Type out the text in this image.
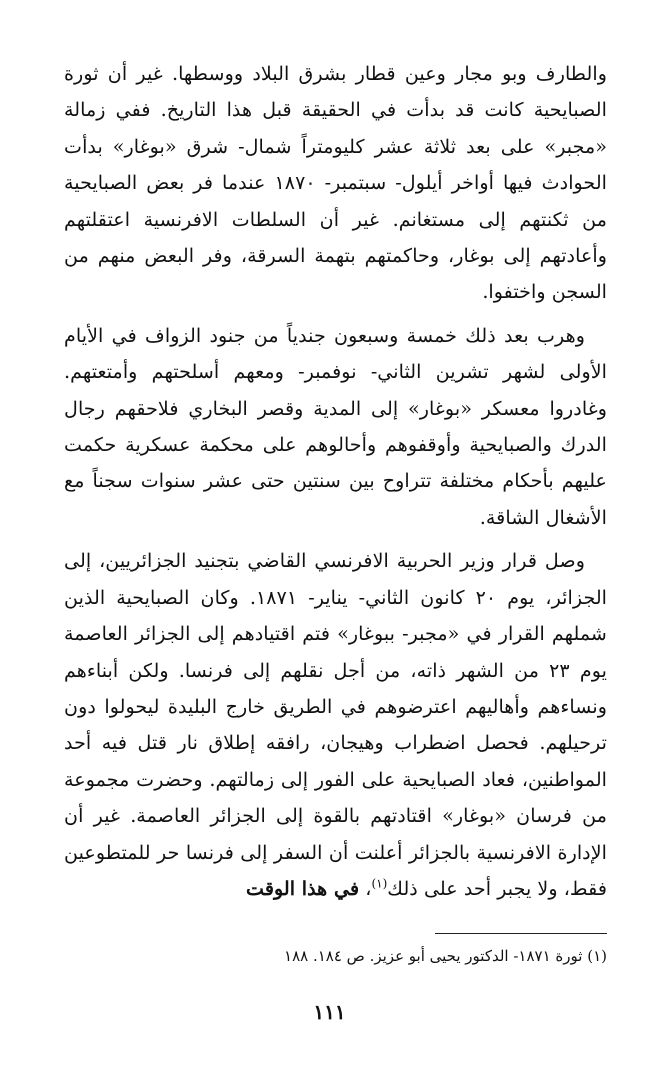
والطارف وبو مجار وعين قطار بشرق البلاد ووسطها. غير أن ثورة الصبايحية كانت قد بدأت في الحقيقة قبل هذا التاريخ. ففي زمالة «مجبر» على بعد ثلاثة عشر كليومتراً شمال- شرق «بوغار» بدأت الحوادث فيها أواخر أيلول- سبتمبر- ١٨٧٠ عندما فر بعض الصبايحية من ثكنتهم إلى مستغانم. غير أن السلطات الافرنسية اعتقلتهم وأعادتهم إلى بوغار، وحاكمتهم بتهمة السرقة، وفر البعض منهم من السجن واختفوا.

وهرب بعد ذلك خمسة وسبعون جندياً من جنود الزواف في الأيام الأولى لشهر تشرين الثاني- نوفمبر- ومعهم أسلحتهم وأمتعتهم. وغادروا معسكر «بوغار» إلى المدية وقصر البخاري فلاحقهم رجال الدرك والصبايحية وأوقفوهم وأحالوهم على محكمة عسكرية حكمت عليهم بأحكام مختلفة تتراوح بين سنتين حتى عشر سنوات سجناً مع الأشغال الشاقة.

وصل قرار وزير الحربية الافرنسي القاضي بتجنيد الجزائريين، إلى الجزائر، يوم ٢٠ كانون الثاني- يناير- ١٨٧١. وكان الصبايحية الذين شملهم القرار في «مجبر- ببوغار» فتم اقتيادهم إلى الجزائر العاصمة يوم ٢٣ من الشهر ذاته، من أجل نقلهم إلى فرنسا. ولكن أبناءهم ونساءهم وأهاليهم اعترضوهم في الطريق خارج البليدة ليحولوا دون ترحيلهم. فحصل اضطراب وهيجان، رافقه إطلاق نار قتل فيه أحد المواطنين، فعاد الصبايحية على الفور إلى زمالتهم. وحضرت مجموعة من فرسان «بوغار» اقتادتهم بالقوة إلى الجزائر العاصمة. غير أن الإدارة الافرنسية بالجزائر أعلنت أن السفر إلى فرنسا حر للمتطوعين فقط، ولا يجبر أحد على ذلك$^{(١)}$، في هذا الوقت

(١) ثورة ١٨٧١- الدكتور يحيى أبو عزيز. ص ١٨٤. ١٨٨
١١١
